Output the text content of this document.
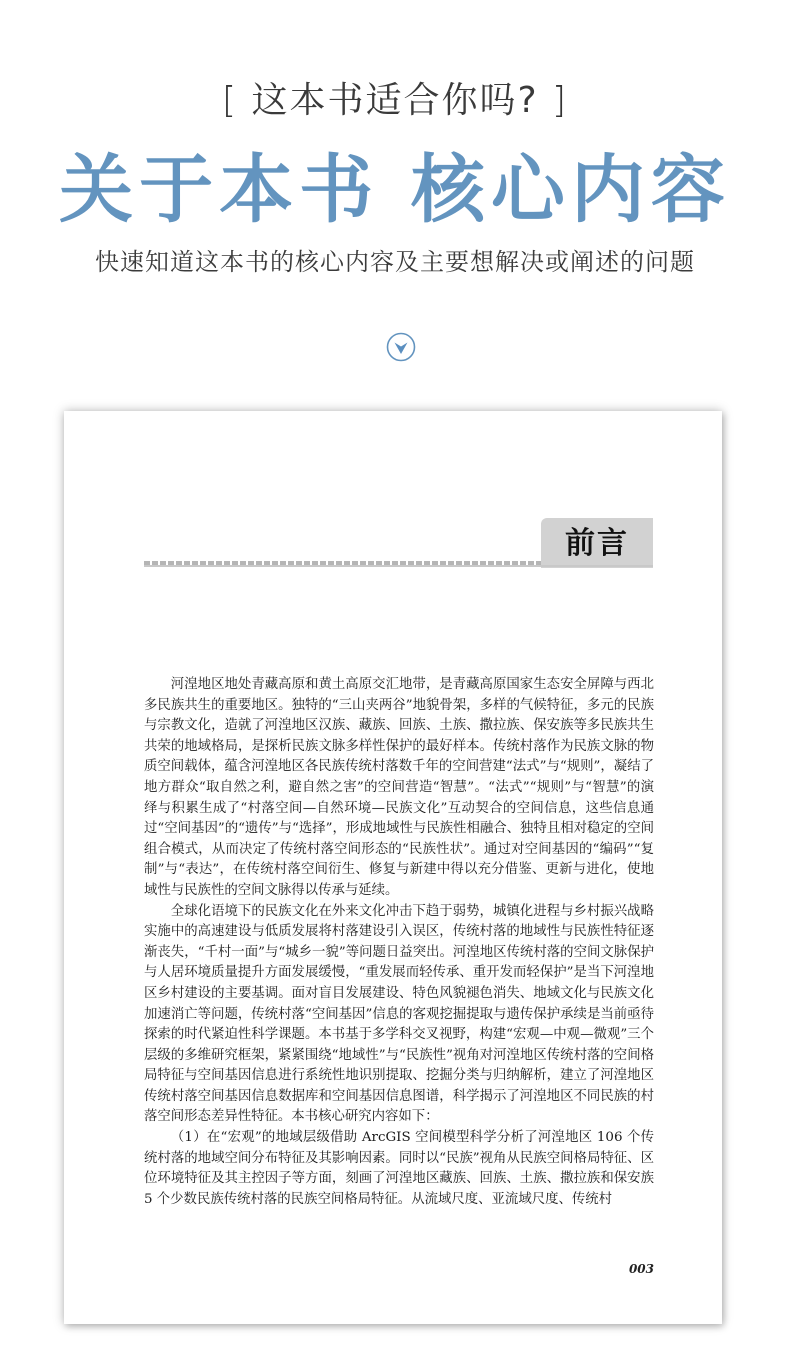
[ 这本书适合你吗? ]
关于本书 核心内容
快速知道这本书的核心内容及主要想解决或阐述的问题
前言

河湟地区地处青藏高原和黄土高原交汇地带，是青藏高原国家生态安全屏障与西北多民族共生的重要地区。独特的“三山夹两谷”地貌骨架，多样的气候特征，多元的民族与宗教文化，造就了河湟地区汉族、藏族、回族、土族、撒拉族、保安族等多民族共生共荣的地域格局，是探析民族文脉多样性保护的最好样本。传统村落作为民族文脉的物质空间载体，蕴含河湟地区各民族传统村落数千年的空间营建“法式”与“规则”，凝结了地方群众“取自然之利，避自然之害”的空间营造“智慧”。“法式”“规则”与“智慧”的演绎与积累生成了“村落空间—自然环境—民族文化”互动契合的空间信息，这些信息通过“空间基因”的“遗传”与“选择”，形成地域性与民族性相融合、独特且相对稳定的空间组合模式，从而决定了传统村落空间形态的“民族性状”。通过对空间基因的“编码”“复制”与“表达”，在传统村落空间衍生、修复与新建中得以充分借鉴、更新与进化，使地域性与民族性的空间文脉得以传承与延续。

全球化语境下的民族文化在外来文化冲击下趋于弱势，城镇化进程与乡村振兴战略实施中的高速建设与低质发展将村落建设引入误区，传统村落的地域性与民族性特征逐渐丧失，“千村一面”与“城乡一貌”等问题日益突出。河湟地区传统村落的空间文脉保护与人居环境质量提升方面发展缓慢，“重发展而轻传承、重开发而轻保护”是当下河湟地区乡村建设的主要基调。面对盲目发展建设、特色风貌褪色消失、地域文化与民族文化加速消亡等问题，传统村落“空间基因”信息的客观挖掘提取与遗传保护承续是当前亟待探索的时代紧迫性科学课题。本书基于多学科交叉视野，构建“宏观—中观—微观”三个层级的多维研究框架，紧紧围绕“地域性”与“民族性”视角对河湟地区传统村落的空间格局特征与空间基因信息进行系统性地识别提取、挖掘分类与归纳解析，建立了河湟地区传统村落空间基因信息数据库和空间基因信息图谱，科学揭示了河湟地区不同民族的村落空间形态差异性特征。本书核心研究内容如下：

（1）在“宏观”的地域层级借助 ArcGIS 空间模型科学分析了河湟地区 106 个传统村落的地域空间分布特征及其影响因素。同时以“民族”视角从民族空间格局特征、区位环境特征及其主控因子等方面，刻画了河湟地区藏族、回族、土族、撒拉族和保安族 5 个少数民族传统村落的民族空间格局特征。从流域尺度、亚流域尺度、传统村

003
